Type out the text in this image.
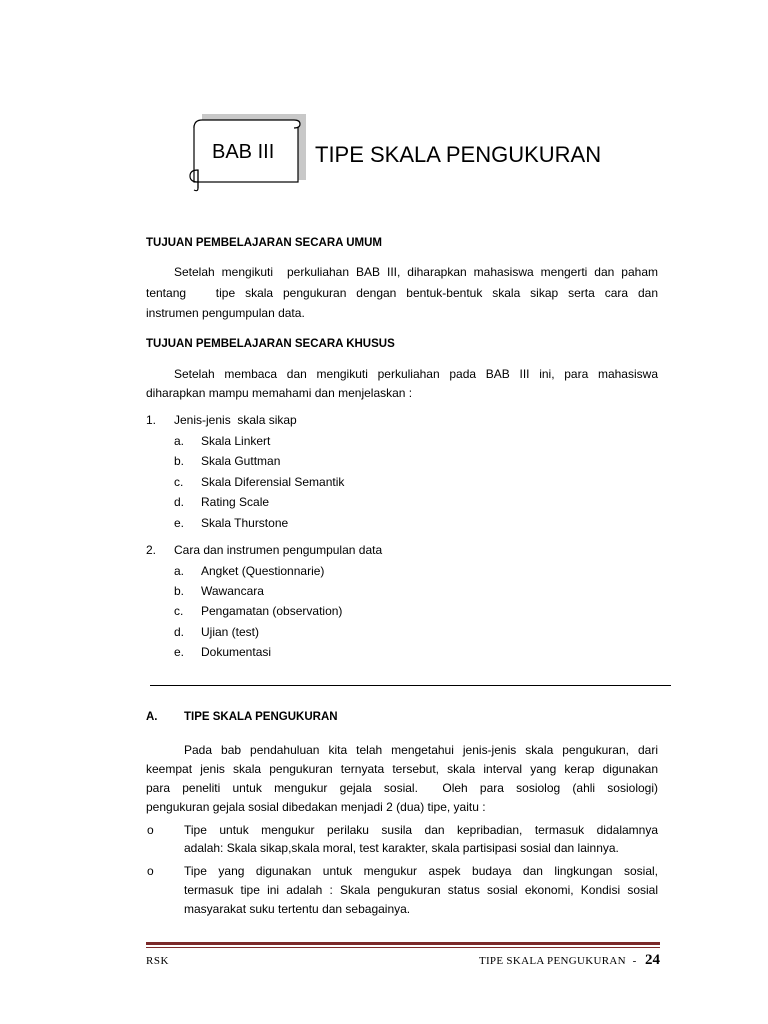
BAB III TIPE SKALA PENGUKURAN
TUJUAN PEMBELAJARAN SECARA UMUM
Setelah mengikuti  perkuliahan BAB III, diharapkan mahasiswa mengerti dan paham
tentang   tipe skala pengukuran dengan bentuk-bentuk skala sikap serta cara dan
instrumen pengumpulan data.
TUJUAN PEMBELAJARAN SECARA KHUSUS
Setelah membaca dan mengikuti perkuliahan pada BAB III ini, para mahasiswa
diharapkan mampu memahami dan menjelaskan :
1. Jenis-jenis  skala sikap
a. Skala Linkert
b. Skala Guttman
c. Skala Diferensial Semantik
d. Rating Scale
e. Skala Thurstone
2. Cara dan instrumen pengumpulan data
a. Angket (Questionnarie)
b. Wawancara
c. Pengamatan (observation)
d. Ujian (test)
e. Dokumentasi
A. TIPE SKALA PENGUKURAN
Pada bab pendahuluan kita telah mengetahui jenis-jenis skala pengukuran, dari
keempat jenis skala pengukuran ternyata tersebut, skala interval yang kerap digunakan
para peneliti untuk mengukur gejala sosial.  Oleh para sosiolog (ahli sosiologi)
pengukuran gejala sosial dibedakan menjadi 2 (dua) tipe, yaitu :
o	Tipe untuk mengukur perilaku susila dan kepribadian, termasuk didalamnya
adalah: Skala sikap,skala moral, test karakter, skala partisipasi sosial dan lainnya.
o	Tipe yang digunakan untuk mengukur aspek budaya dan lingkungan sosial,
termasuk tipe ini adalah : Skala pengukuran status sosial ekonomi, Kondisi sosial
masyarakat suku tertentu dan sebagainya.
RSK	TIPE SKALA PENGUKURAN - 24
